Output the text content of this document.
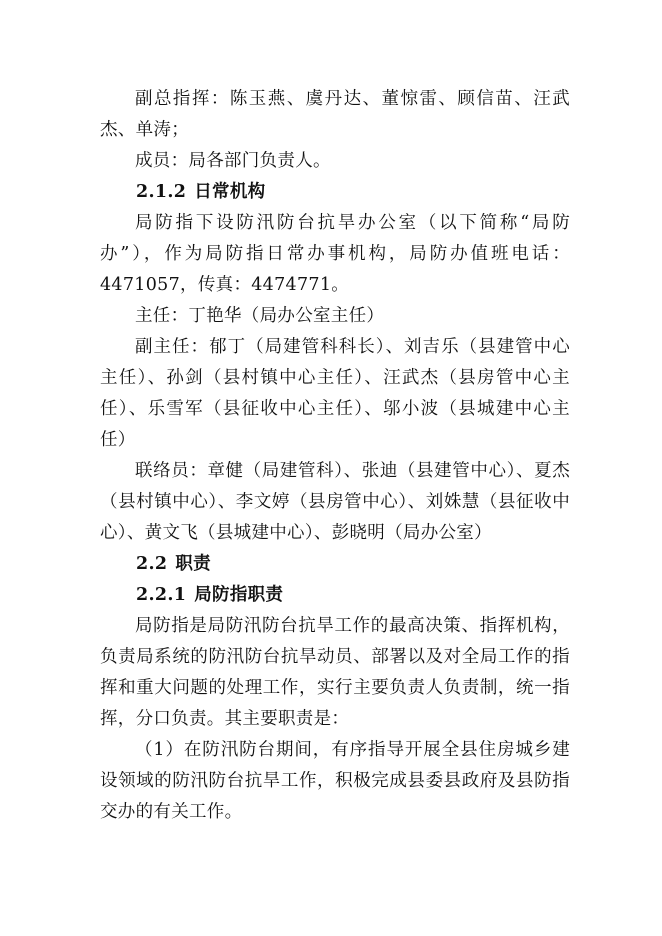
副总指挥：陈玉燕、虞丹达、董惊雷、顾信苗、汪武杰、单涛；
成员：局各部门负责人。
2.1.2 日常机构
局防指下设防汛防台抗旱办公室（以下简称“局防办”），作为局防指日常办事机构，局防办值班电话：4471057，传真：4474771。
主任：丁艳华（局办公室主任）
副主任：郁丁（局建管科科长）、刘吉乐（县建管中心主任）、孙剑（县村镇中心主任）、汪武杰（县房管中心主任）、乐雪军（县征收中心主任）、邬小波（县城建中心主任）
联络员：章健（局建管科）、张迪（县建管中心）、夏杰（县村镇中心）、李文婷（县房管中心）、刘姝慧（县征收中心）、黄文飞（县城建中心）、彭晓明（局办公室）
2.2 职责
2.2.1 局防指职责
局防指是局防汛防台抗旱工作的最高决策、指挥机构，负责局系统的防汛防台抗旱动员、部署以及对全局工作的指挥和重大问题的处理工作，实行主要负责人负责制，统一指挥，分口负责。其主要职责是：
（1）在防汛防台期间，有序指导开展全县住房城乡建设领域的防汛防台抗旱工作，积极完成县委县政府及县防指交办的有关工作。
